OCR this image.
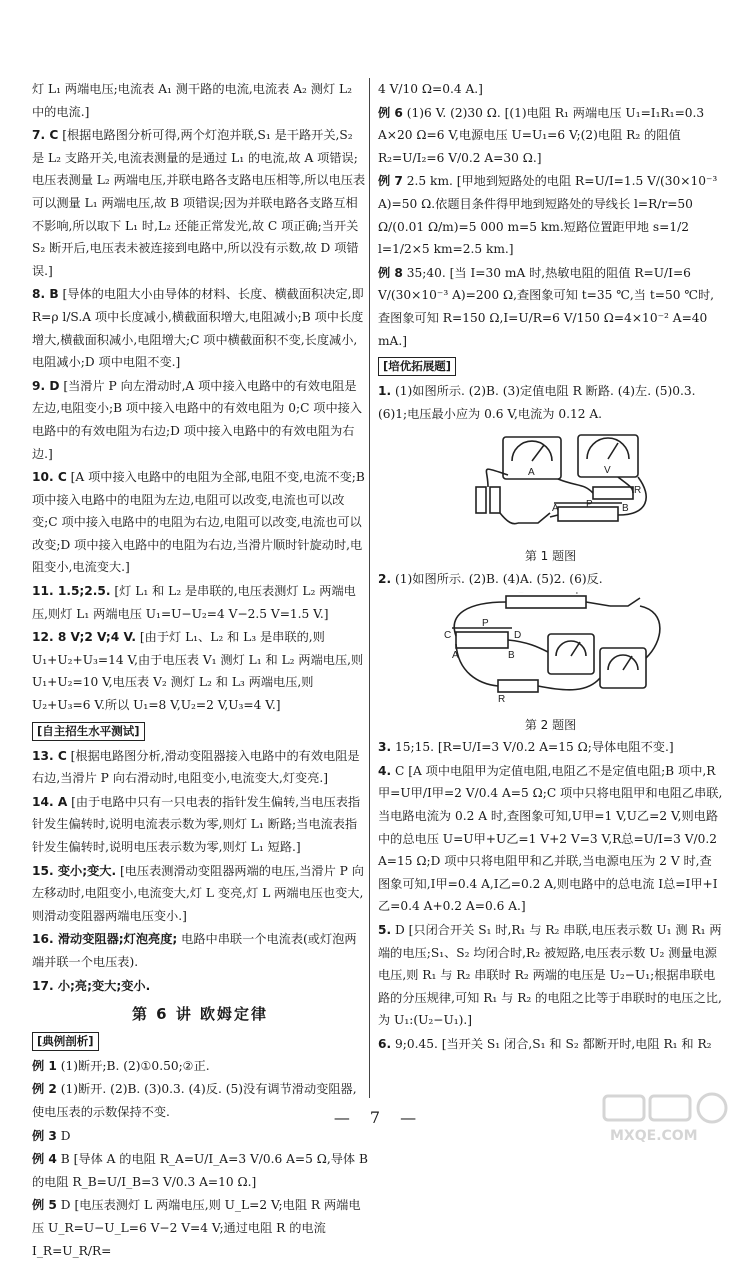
灯 L₁ 两端电压;电流表 A₁ 测干路的电流,电流表 A₂ 测灯 L₂ 中的电流.]
7. C [根据电路图分析可得,两个灯泡并联,S₁ 是干路开关,S₂ 是 L₂ 支路开关,电流表测量的是通过 L₁ 的电流,故 A 项错误;电压表测量 L₂ 两端电压,并联电路各支路电压相等,所以电压表可以测量 L₁ 两端电压,故 B 项错误;因为并联电路各支路互相不影响,所以取下 L₁ 时,L₂ 还能正常发光,故 C 项正确;当开关 S₂ 断开后,电压表未被连接到电路中,所以没有示数,故 D 项错误.]
8. B [导体的电阻大小由导体的材料、长度、横截面积决定,即 R=ρ l/S.A 项中长度减小,横截面积增大,电阻减小;B 项中长度增大,横截面积减小,电阻增大;C 项中横截面积不变,长度减小,电阻减小;D 项中电阻不变.]
9. D [当滑片 P 向左滑动时,A 项中接入电路中的有效电阻是左边,电阻变小;B 项中接入电路中的有效电阻为 0;C 项中接入电路中的有效电阻为右边;D 项中接入电路中的有效电阻为右边.]
10. C [A 项中接入电路中的电阻为全部,电阻不变,电流不变;B 项中接入电路中的电阻为左边,电阻可以改变,电流也可以改变;C 项中接入电路中的电阻为右边,电阻可以改变,电流也可以改变;D 项中接入电路中的电阻为右边,当滑片顺时针旋动时,电阻变小,电流变大.]
11. 1.5;2.5. [灯 L₁ 和 L₂ 是串联的,电压表测灯 L₂ 两端电压,则灯 L₁ 两端电压 U₁=U−U₂=4 V−2.5 V=1.5 V.]
12. 8 V;2 V;4 V. [由于灯 L₁、L₂ 和 L₃ 是串联的,则 U₁+U₂+U₃=14 V,由于电压表 V₁ 测灯 L₁ 和 L₂ 两端电压,则 U₁+U₂=10 V,电压表 V₂ 测灯 L₂ 和 L₃ 两端电压,则 U₂+U₃=6 V.所以 U₁=8 V,U₂=2 V,U₃=4 V.]
[自主招生水平测试]
13. C [根据电路图分析,滑动变阻器接入电路中的有效电阻是右边,当滑片 P 向右滑动时,电阻变小,电流变大,灯变亮.]
14. A [由于电路中只有一只电表的指针发生偏转,当电压表指针发生偏转时,说明电流表示数为零,则灯 L₁ 断路;当电流表指针发生偏转时,说明电压表示数为零,则灯 L₁ 短路.]
15. 变小;变大. [电压表测滑动变阻器两端的电压,当滑片 P 向左移动时,电阻变小,电流变大,灯 L 变亮,灯 L 两端电压也变大,则滑动变阻器两端电压变小.]
16. 滑动变阻器;灯泡亮度; 电路中串联一个电流表(或灯泡两端并联一个电压表).
17. 小;亮;变大;变小.
第 6 讲 欧姆定律
[典例剖析]
例 1 (1)断开;B. (2)①0.50;②正.
例 2 (1)断开. (2)B. (3)0.3. (4)反. (5)没有调节滑动变阻器,使电压表的示数保持不变.
例 3 D
例 4 B [导体 A 的电阻 R_A=U/I_A=3 V/0.6 A=5 Ω,导体 B 的电阻 R_B=U/I_B=3 V/0.3 A=10 Ω.]
例 5 D [电压表测灯 L 两端电压,则 U_L=2 V;电阻 R 两端电压 U_R=U−U_L=6 V−2 V=4 V;通过电阻 R 的电流 I_R=U_R/R=
4 V/10 Ω=0.4 A.]
例 6 (1)6 V. (2)30 Ω. [(1)电阻 R₁ 两端电压 U₁=I₁R₁=0.3 A×20 Ω=6 V,电源电压 U=U₁=6 V;(2)电阻 R₂ 的阻值 R₂=U/I₂=6 V/0.2 A=30 Ω.]
例 7 2.5 km. [甲地到短路处的电阻 R=U/I=1.5 V/(30×10⁻³ A)=50 Ω.依题目条件得甲地到短路处的导线长 l=R/r=50 Ω/(0.01 Ω/m)=5 000 m=5 km.短路位置距甲地 s=1/2 l=1/2×5 km=2.5 km.]
例 8 35;40. [当 I=30 mA 时,热敏电阻的阻值 R=U/I=6 V/(30×10⁻³ A)=200 Ω,查图象可知 t=35 ℃,当 t=50 ℃时,查图象可知 R=150 Ω,I=U/R=6 V/150 Ω=4×10⁻² A=40 mA.]
[培优拓展题]
1. (1)如图所示. (2)B. (3)定值电阻 R 断路. (4)左. (5)0.3. (6)1;电压最小应为 0.6 V,电流为 0.12 A.
A	V
P
A	B
R
第 1 题图
2. (1)如图所示. (2)B. (4)A. (5)2. (6)反.
−	+
C
P
D
A	B
R
第 2 题图
3. 15;15. [R=U/I=3 V/0.2 A=15 Ω;导体电阻不变.]
4. C [A 项中电阻甲为定值电阻,电阻乙不是定值电阻;B 项中,R甲=U甲/I甲=2 V/0.4 A=5 Ω;C 项中只将电阻甲和电阻乙串联,当电路电流为 0.2 A 时,查图象可知,U甲=1 V,U乙=2 V,则电路中的总电压 U=U甲+U乙=1 V+2 V=3 V,R总=U/I=3 V/0.2 A=15 Ω;D 项中只将电阻甲和乙并联,当电源电压为 2 V 时,查图象可知,I甲=0.4 A,I乙=0.2 A,则电路中的总电流 I总=I甲+I乙=0.4 A+0.2 A=0.6 A.]
5. D [只闭合开关 S₁ 时,R₁ 与 R₂ 串联,电压表示数 U₁ 测 R₁ 两端的电压;S₁、S₂ 均闭合时,R₂ 被短路,电压表示数 U₂ 测量电源电压,则 R₁ 与 R₂ 串联时 R₂ 两端的电压是 U₂−U₁;根据串联电路的分压规律,可知 R₁ 与 R₂ 的电阻之比等于串联时的电压之比,为 U₁:(U₂−U₁).]
6. 9;0.45. [当开关 S₁ 闭合,S₁ 和 S₂ 都断开时,电阻 R₁ 和 R₂
— 7 —
MXQE.COM
